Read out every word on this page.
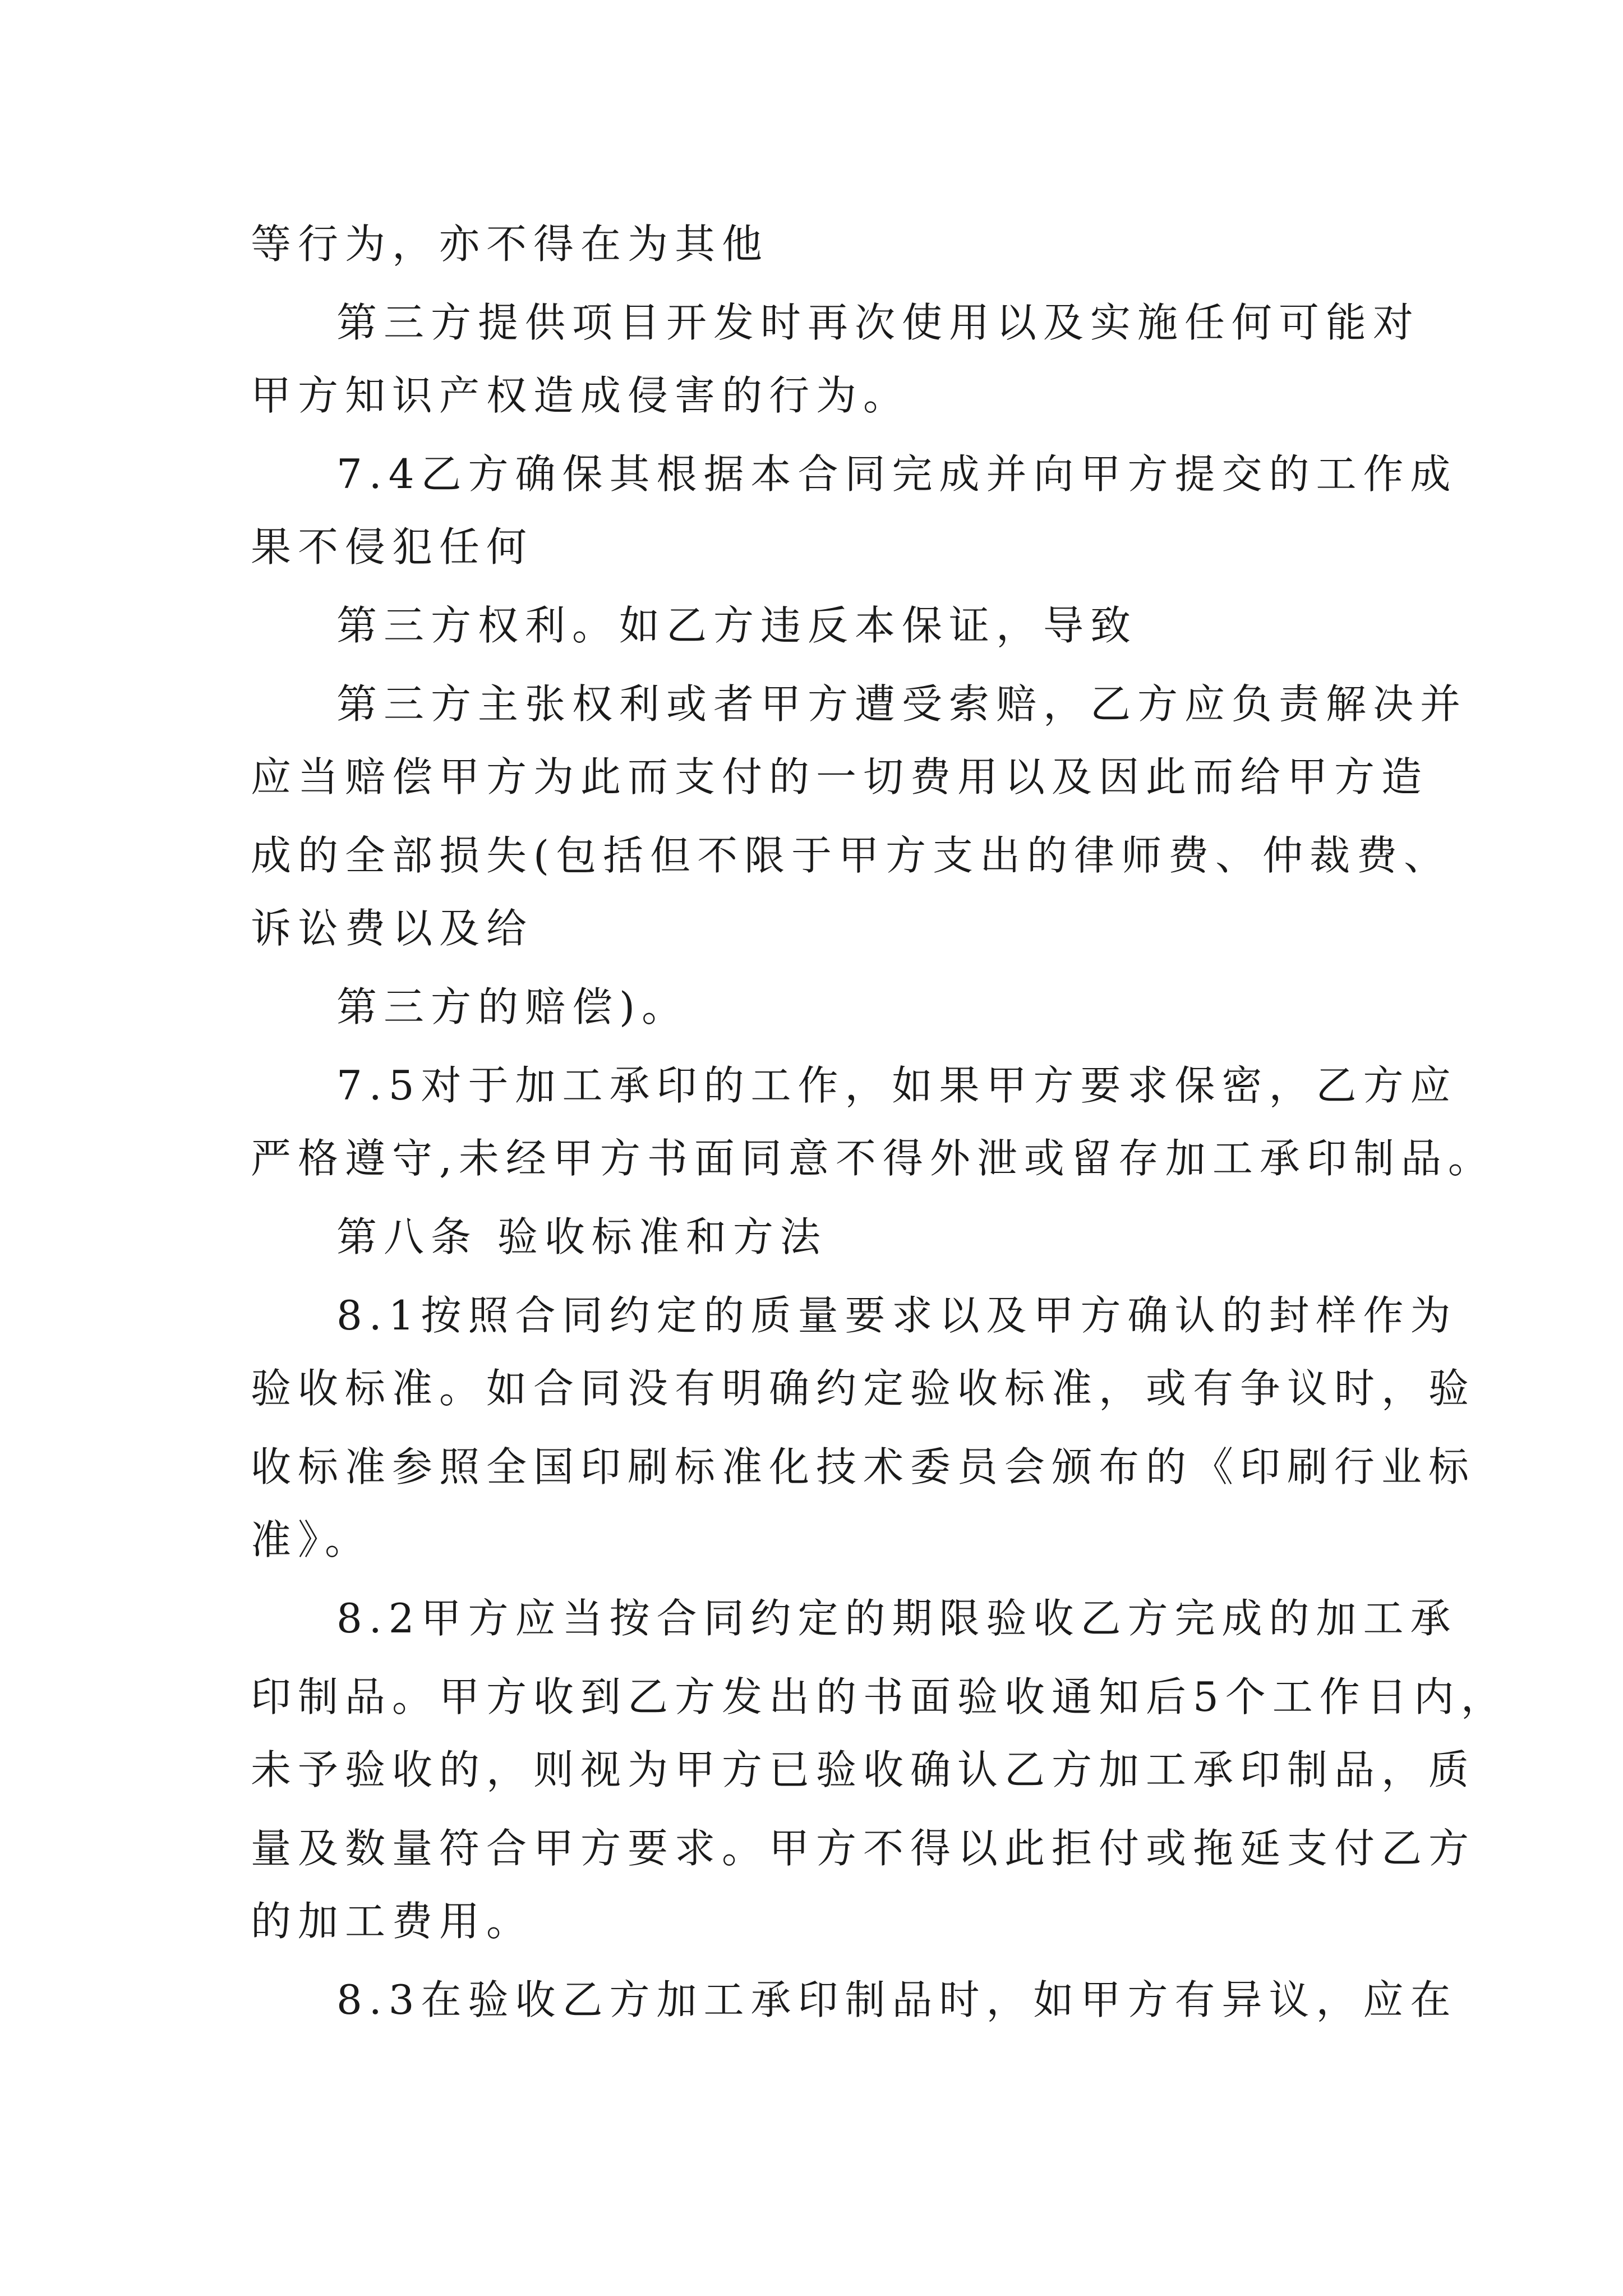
等行为，亦不得在为其他
第三方提供项目开发时再次使用以及实施任何可能对
甲方知识产权造成侵害的行为。
7.4乙方确保其根据本合同完成并向甲方提交的工作成
果不侵犯任何
第三方权利。如乙方违反本保证，导致
第三方主张权利或者甲方遭受索赔，乙方应负责解决并
应当赔偿甲方为此而支付的一切费用以及因此而给甲方造
成的全部损失(包括但不限于甲方支出的律师费、仲裁费、
诉讼费以及给
第三方的赔偿)。
7.5对于加工承印的工作，如果甲方要求保密，乙方应
严格遵守,未经甲方书面同意不得外泄或留存加工承印制品。
第八条 验收标准和方法
8.1按照合同约定的质量要求以及甲方确认的封样作为
验收标准。如合同没有明确约定验收标准，或有争议时，验
收标准参照全国印刷标准化技术委员会颁布的《印刷行业标
准》。
8.2甲方应当按合同约定的期限验收乙方完成的加工承
印制品。甲方收到乙方发出的书面验收通知后5个工作日内，
未予验收的，则视为甲方已验收确认乙方加工承印制品，质
量及数量符合甲方要求。甲方不得以此拒付或拖延支付乙方
的加工费用。
8.3在验收乙方加工承印制品时，如甲方有异议，应在
